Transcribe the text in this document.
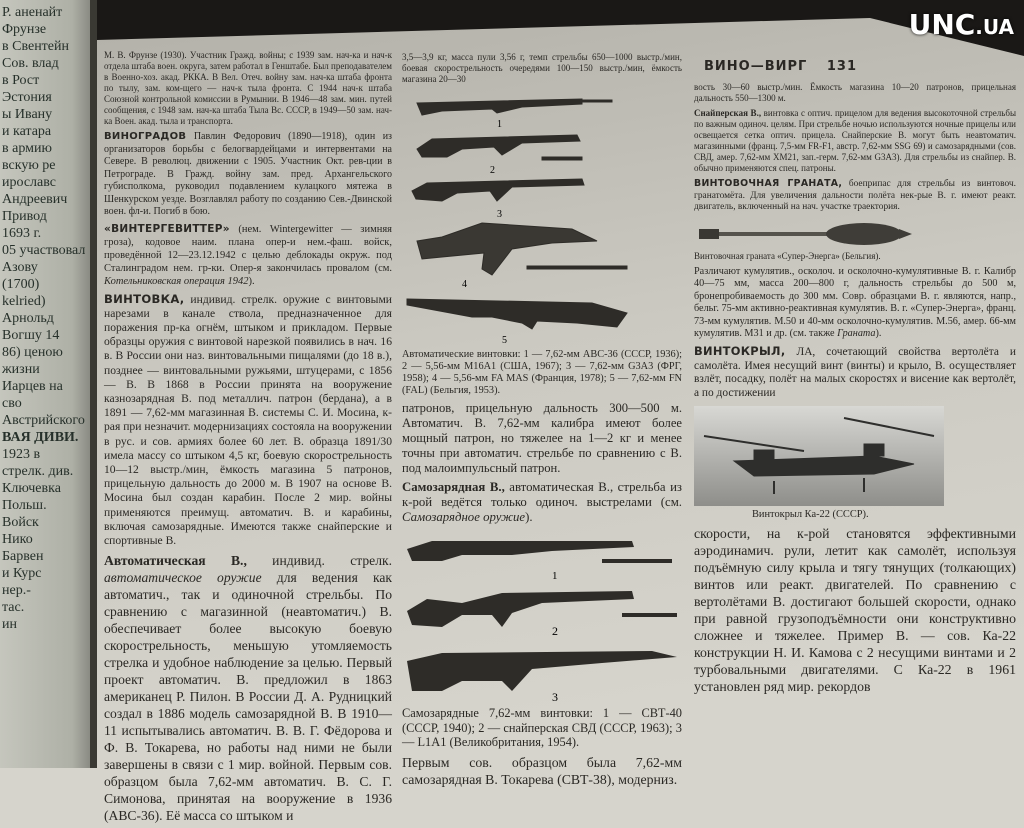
Р. аненайт
Фрунзе
в Свентейн
Сов. влад
в Рост
Эстония
ы Ивану
и катара
в армию
вскую ре
ирославс
Андреевич
Привод
1693 г.
05 участвовал
Азову
(1700)
kelried) Арнольд
Вогшу 14
86) ценою жизни
Иарцев на сво
Австрийского
ВАЯ ДИВИ.
1923 в
стрелк. див.
Ключевка
Польш.
Войск
Нико
Барвен
и Курс
нер.-
тас.
ин

М. В. Фрунзе (1930). Участник Гражд. войны; с 1939 зам. нач-ка и нач-к отдела штаба воен. округа, затем работал в Генштабе. Был преподавателем в Военно-хоз. акад. РККА. В Вел. Отеч. войну зам. нач-ка штаба фронта по тылу, зам. ком-щего — нач-к тыла фронта. С 1944 нач-к штаба Союзной контрольной комиссии в Румынии. В 1946—48 зам. мин. путей сообщения, с 1948 зам. нач-ка штаба Тыла Вс. СССР, в 1949—50 зам. нач-ка Воен. акад. тыла и транспорта.

ВИНОГРАДОВ Павлин Федорович (1890—1918), один из организаторов борьбы с белогвардейцами и интервентами на Севере. В революц. движении с 1905. Участник Окт. рев-ции в Петрограде. В Гражд. войну зам. пред. Архангельского губисполкома, руководил подавлением кулацкого мятежа в Шенкурском уезде. Возглавлял работу по созданию Сев.-Двинской воен. фл-и. Погиб в бою.

«ВИНТЕРГЕВИТТЕР» (нем. Wintergewitter — зимняя гроза), кодовое наим. плана опер-и нем.-фаш. войск, проведённой 12—23.12.1942 с целью деблокады окруж. под Сталинградом нем. гр-ки. Опер-я закончилась провалом (см. Котельниковская операция 1942).

ВИНТОВКА, индивид. стрелк. оружие с винтовыми нарезами в канале ствола, предназначенное для поражения пр-ка огнём, штыком и прикладом. Первые образцы оружия с винтовой нарезкой появились в нач. 16 в. В России они наз. винтовальными пищалями (до 18 в.), позднее — винтовальными ружьями, штуцерами, с 1856 — В. В 1868 в России принята на вооружение казнозарядная В. под металлич. патрон (бердана), а в 1891 — 7,62-мм магазинная В. системы С. И. Мосина, к-рая при незначит. модернизациях состояла на вооружении в рус. и сов. армиях более 60 лет. В. образца 1891/30 имела массу со штыком 4,5 кг, боевую скорострельность 10—12 выстр./мин, ёмкость магазина 5 патронов, прицельную дальность до 2000 м. В 1907 на основе В. Мосина был создан карабин. После 2 мир. войны применяются преимущ. автоматич. В. и карабины, включая самозарядные. Имеются также снайперские и спортивные В.

Автоматическая В., индивид. стрелк. автоматическое оружие для ведения как автоматич., так и одиночной стрельбы. По сравнению с магазинной (неавтоматич.) В. обеспечивает более высокую боевую скорострельность, меньшую утомляемость стрелка и удобное наблюдение за целью. Первый проект автоматич. В. предложил в 1863 американец Р. Пилон. В России Д. А. Рудницкий создал в 1886 модель самозарядной В. В 1910—11 испытывались автоматич. В. В. Г. Фёдорова и Ф. В. Токарева, но работы над ними не были завершены в связи с 1 мир. войной. Первым сов. образцом была 7,62-мм автоматич. В. С. Г. Симонова, принятая на вооружение в 1936 (АВС-36). Её масса со штыком и

3,5—3,9 кг, масса пули 3,56 г, темп стрельбы 650—1000 выстр./мин, боевая скорострельность очередями 100—150 выстр./мин, ёмкость магазина 20—30

1
2
3
4
5

Автоматические винтовки: 1 — 7,62-мм АВС-36 (СССР, 1936); 2 — 5,56-мм M16A1 (США, 1967); 3 — 7,62-мм G3A3 (ФРГ, 1958); 4 — 5,56-мм FA MAS (Франция, 1978); 5 — 7,62-мм FN (FAL) (Бельгия, 1953).

патронов, прицельную дальность 300—500 м. Автоматич. В. 7,62-мм калибра имеют более мощный патрон, но тяжелее на 1—2 кг и менее точны при автоматич. стрельбе по сравнению с В. под малоимпульсный патрон.

Самозарядная В., автоматическая В., стрельба из к-рой ведётся только одиноч. выстрелами (см. Самозарядное оружие).

1
2
3

Самозарядные 7,62-мм винтовки: 1 — СВТ-40 (СССР, 1940); 2 — снайперская СВД (СССР, 1963); 3 — L1A1 (Великобритания, 1954).

Первым сов. образцом была 7,62-мм самозарядная В. Токарева (СВТ-38), модерниз.

ВИНО—ВИРГ 131

вость 30—60 выстр./мин. Ёмкость магазина 10—20 патронов, прицельная дальность 550—1300 м.

Снайперская В., винтовка с оптич. прицелом для ведения высокоточной стрельбы по важным одиноч. целям. При стрельбе ночью используются ночные прицелы или освещается сетка оптич. прицела. Снайперские В. могут быть неавтоматич. магазинными (франц. 7,5-мм FR-F1, австр. 7,62-мм SSG 69) и самозарядными (сов. СВД, амер. 7,62-мм XM21, зап.-герм. 7,62-мм G3A3). Для стрельбы из снайпер. В. обычно применяются спец. патроны.

ВИНТОВОЧНАЯ ГРАНАТА, боеприпас для стрельбы из винтовоч. гранатомёта. Для увеличения дальности полёта нек-рые В. г. имеют реакт. двигатель, включенный на нач. участке траектория.

Винтовочная граната «Супер-Энерга» (Бельгия).

Различают кумулятив., осколоч. и осколочно-кумулятивные В. г. Калибр 40—75 мм, масса 200—800 г, дальность стрельбы до 500 м, бронепробиваемость до 300 мм. Совр. образцами В. г. являются, напр., бельг. 75-мм активно-реактивная кумулятив. В. г. «Супер-Энерга», франц. 73-мм кумулятив. M.50 и 40-мм осколочно-кумулятив. M.56, амер. 66-мм кумулятив. M31 и др. (см. также Граната).

ВИНТОКРЫЛ, ЛА, сочетающий свойства вертолёта и самолёта. Имея несущий винт (винты) и крыло, В. осуществляет взлёт, посадку, полёт на малых скоростях и висение как вертолёт, а по достижении

Винтокрыл Ка-22 (СССР).

скорости, на к-рой становятся эффективными аэродинамич. рули, летит как самолёт, используя подъёмную силу крыла и тягу тянущих (толкающих) винтов или реакт. двигателей. По сравнению с вертолётами В. достигают большей скорости, однако при равной грузоподъёмности они конструктивно сложнее и тяжелее. Пример В. — сов. Ка-22 конструкции Н. И. Камова с 2 несущими винтами и 2 турбовальными двигателями. С Ка-22 в 1961 установлен ряд мир. рекордов

UNC.UA
